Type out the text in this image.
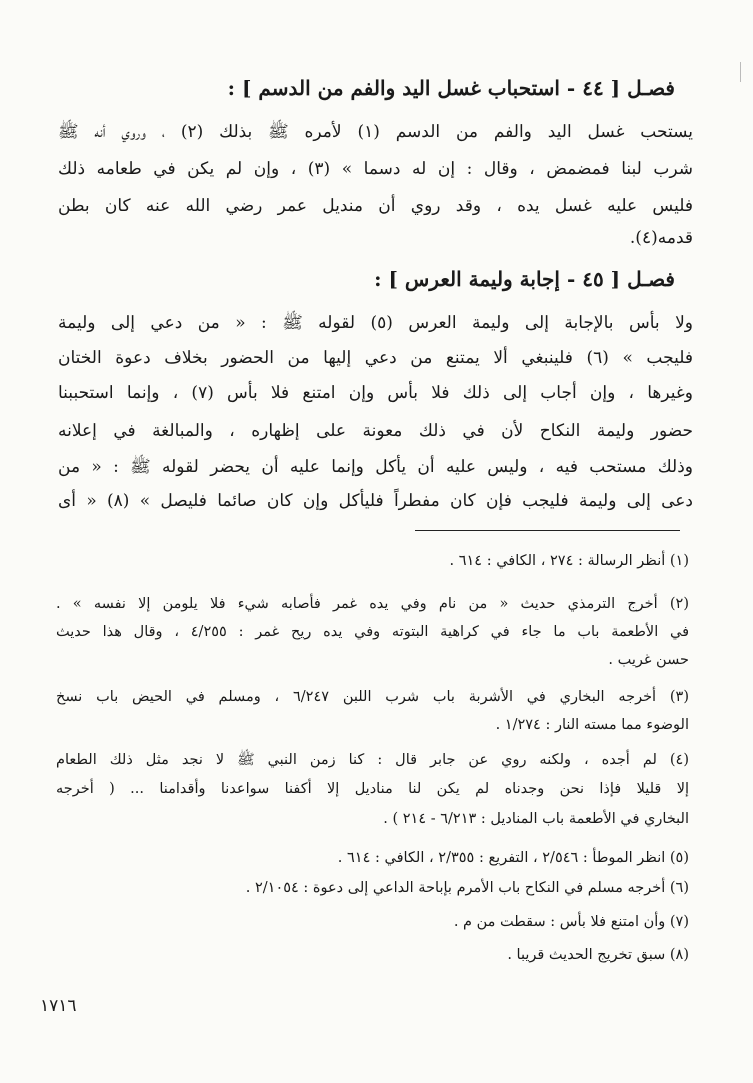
فصـل [ ٤٤ - استحباب غسل اليد والفم من الدسم ] :
يستحب غسل اليد والفم من الدسم (١) لأمره ﷺ بذلك (٢) ، وروي أنه ﷺ
شرب لبنا فمضمض ، وقال : إن له دسما » (٣) ، وإن لم يكن في طعامه ذلك
فليس عليه غسل يده ، وقد روي أن منديل عمر رضي الله عنه كان بطن
قدمه(٤).
فصـل [ ٤٥ - إجابة وليمة العرس ] :
ولا بأس بالإجابة إلى وليمة العرس (٥) لقوله ﷺ : « من دعي إلى وليمة
فليجب » (٦) فلينبغي ألا يمتنع من دعي إليها من الحضور بخلاف دعوة الختان
وغيرها ، وإن أجاب إلى ذلك فلا بأس وإن امتنع فلا بأس (٧) ، وإنما استحببنا
حضور وليمة النكاح لأن في ذلك معونة على إظهاره ، والمبالغة في إعلانه
وذلك مستحب فيه ، وليس عليه أن يأكل وإنما عليه أن يحضر لقوله ﷺ : « من
دعى إلى وليمة فليجب فإن كان مفطراً فليأكل وإن كان صائما فليصل » (٨) « أى
(١) أنظر الرسالة : ٢٧٤ ، الكافي : ٦١٤ .
(٢) أخرج الترمذي حديث « من نام وفي يده غمر فأصابه شيء فلا يلومن إلا نفسه » .
في الأطعمة باب ما جاء في كراهية البتوته وفي يده ريح غمر : ٤/٢٥٥ ، وقال هذا حديث
حسن غريب .
(٣) أخرجه البخاري في الأشربة باب شرب اللبن ٦/٢٤٧ ، ومسلم في الحيض باب نسخ
الوضوء مما مسته النار : ١/٢٧٤ .
(٤) لم أجده ، ولكنه روي عن جابر قال : كنا زمن النبي ﷺ لا نجد مثل ذلك الطعام
إلا قليلا فإذا نحن وجدناه لم يكن لنا مناديل إلا أكفنا سواعدنا وأقدامنا ... ( أخرجه
البخاري في الأطعمة باب المناديل : ٦/٢١٣ - ٢١٤ ) .
(٥) انظر الموطأ : ٢/٥٤٦ ، التفريع : ٢/٣٥٥ ، الكافي : ٦١٤ .
(٦) أخرجه مسلم في النكاح باب الأمرم بإباحة الداعي إلى دعوة : ٢/١٠٥٤ .
(٧) وأن امتنع فلا بأس : سقطت من م .
(٨) سبق تخريج الحديث قريبا .
١٧١٦
